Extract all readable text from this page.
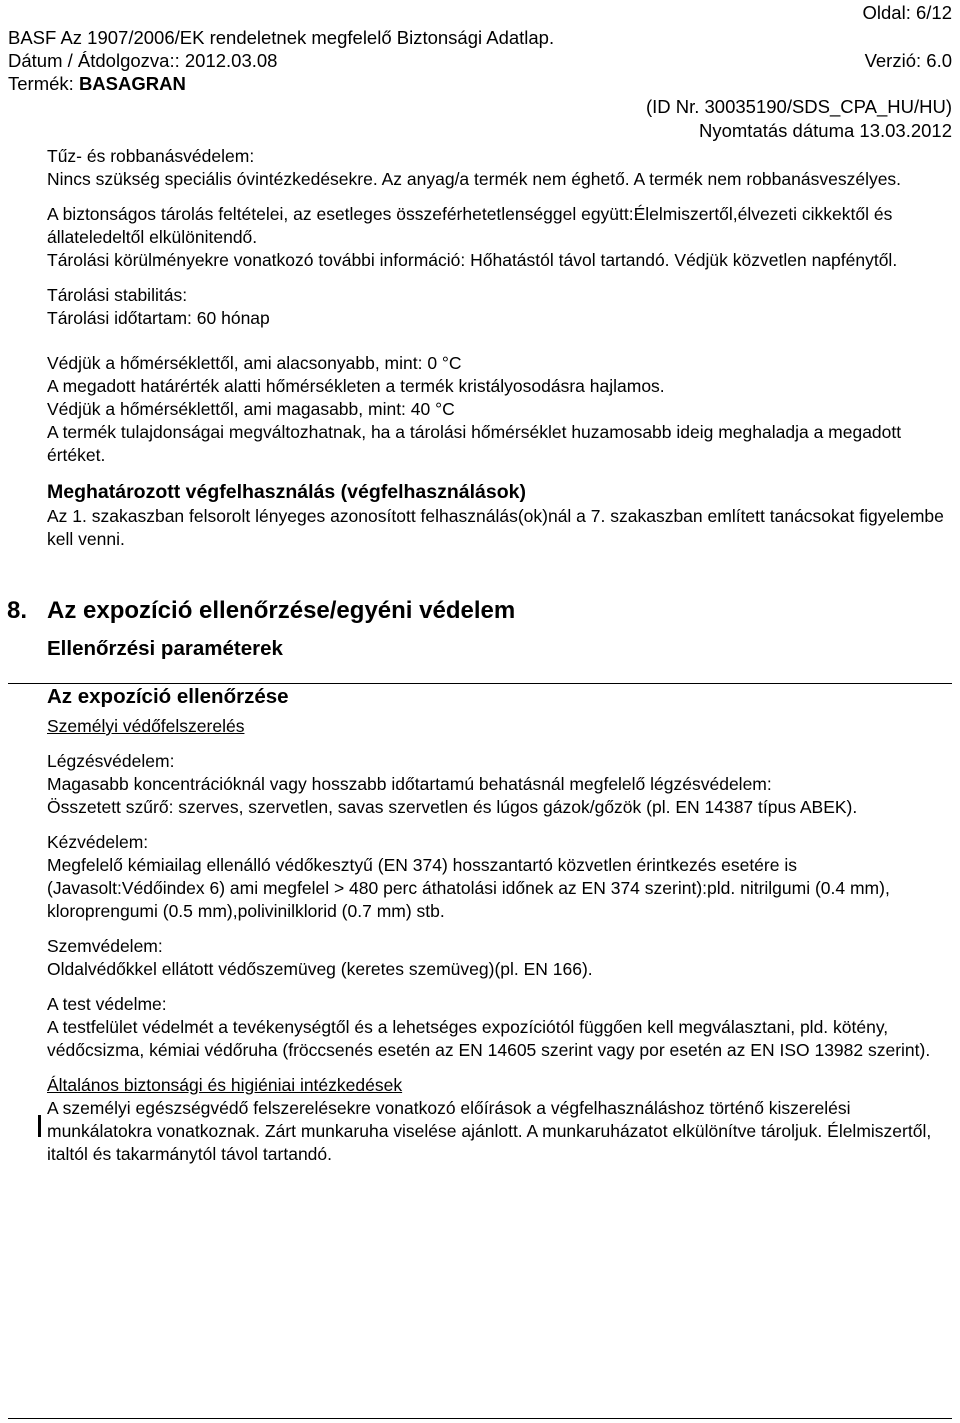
Oldal: 6/12
BASF Az 1907/2006/EK rendeletnek megfelelő Biztonsági Adatlap.
Dátum / Átdolgozva:: 2012.03.08	Verzió: 6.0
Termék: BASAGRAN
(ID Nr. 30035190/SDS_CPA_HU/HU)
Nyomtatás dátuma 13.03.2012

Tűz- és robbanásvédelem:

Nincs szükség speciális óvintézkedésekre. Az anyag/a termék nem éghető. A termék nem robbanásveszélyes.

A biztonságos tárolás feltételei, az esetleges összeférhetetlenséggel együtt:Élelmiszertől,élvezeti cikkektől és állateledeltől elkülönitendő.

Tárolási körülményekre vonatkozó további információ: Hőhatástól távol tartandó. Védjük közvetlen napfénytől.

Tárolási stabilitás:

Tárolási időtartam: 60 hónap

Védjük a hőmérséklettől, ami alacsonyabb, mint: 0 °C

A megadott határérték alatti hőmérsékleten a termék kristályosodásra hajlamos.

Védjük a hőmérséklettől, ami magasabb, mint: 40 °C

A termék tulajdonságai megváltozhatnak, ha a tárolási hőmérséklet huzamosabb ideig meghaladja a megadott értéket.

Meghatározott végfelhasználás (végfelhasználások)

Az 1. szakaszban felsorolt lényeges azonosított felhasználás(ok)nál a 7. szakaszban említett tanácsokat figyelembe kell venni.

8. Az expozíció ellenőrzése/egyéni védelem

Ellenőrzési paraméterek

Az expozíció ellenőrzése

Személyi védőfelszerelés

Légzésvédelem:

Magasabb koncentrációknál vagy hosszabb időtartamú behatásnál megfelelő légzésvédelem:

Összetett szűrő: szerves, szervetlen, savas szervetlen és lúgos gázok/gőzök (pl. EN 14387 típus ABEK).

Kézvédelem:

Megfelelő kémiailag ellenálló védőkesztyű (EN 374) hosszantartó közvetlen érintkezés esetére is (Javasolt:Védőindex 6) ami megfelel > 480 perc áthatolási időnek az EN 374 szerint):pld. nitrilgumi (0.4 mm), kloroprengumi (0.5 mm),polivinilklorid (0.7 mm) stb.

Szemvédelem:

Oldalvédőkkel ellátott védőszemüveg (keretes szemüveg)(pl. EN 166).

A test védelme:

A testfelület védelmét a tevékenységtől és a lehetséges expozíciótól függően kell megválasztani, pld. kötény, védőcsizma, kémiai védőruha (fröccsenés esetén az EN 14605 szerint vagy por esetén az EN ISO 13982 szerint).

Általános biztonsági és higiéniai intézkedések

A személyi egészségvédő felszerelésekre vonatkozó előírások a végfelhasználáshoz történő kiszerelési munkálatokra vonatkoznak. Zárt munkaruha viselése ajánlott. A munkaruházatot elkülönítve tároljuk. Élelmiszertől, italtól és takarmánytól távol tartandó.
